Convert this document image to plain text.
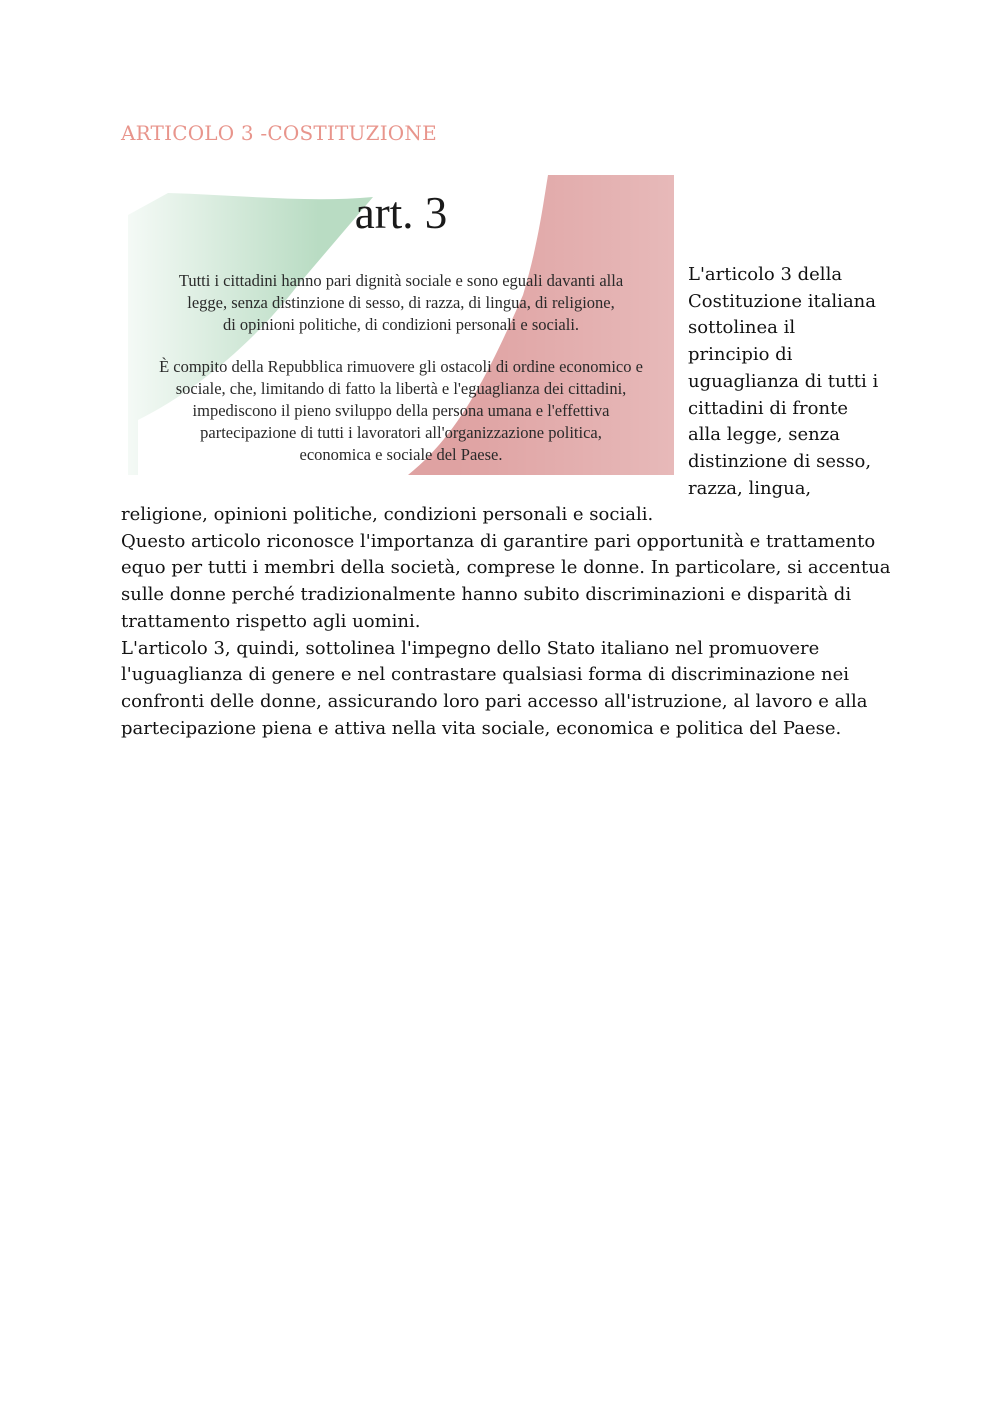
ARTICOLO 3 -COSTITUZIONE
art. 3
Tutti i cittadini hanno pari dignità sociale e sono eguali davanti alla
legge, senza distinzione di sesso, di razza, di lingua, di religione,
di opinioni politiche, di condizioni personali e sociali.
È compito della Repubblica rimuovere gli ostacoli di ordine economico e
sociale, che, limitando di fatto la libertà e l'eguaglianza dei cittadini,
impediscono il pieno sviluppo della persona umana e l'effettiva
partecipazione di tutti i lavoratori all'organizzazione politica,
economica e sociale del Paese.
L'articolo 3 della
Costituzione italiana
sottolinea il
principio di
uguaglianza di tutti i
cittadini di fronte
alla legge, senza
distinzione di sesso,
razza, lingua,

religione, opinioni politiche, condizioni personali e sociali.

Questo articolo riconosce l'importanza di garantire pari opportunità e trattamento
equo per tutti i membri della società, comprese le donne. In particolare, si accentua
sulle donne perché tradizionalmente hanno subito discriminazioni e disparità di
trattamento rispetto agli uomini.

L'articolo 3, quindi, sottolinea l'impegno dello Stato italiano nel promuovere
l'uguaglianza di genere e nel contrastare qualsiasi forma di discriminazione nei
confronti delle donne, assicurando loro pari accesso all'istruzione, al lavoro e alla
partecipazione piena e attiva nella vita sociale, economica e politica del Paese.
